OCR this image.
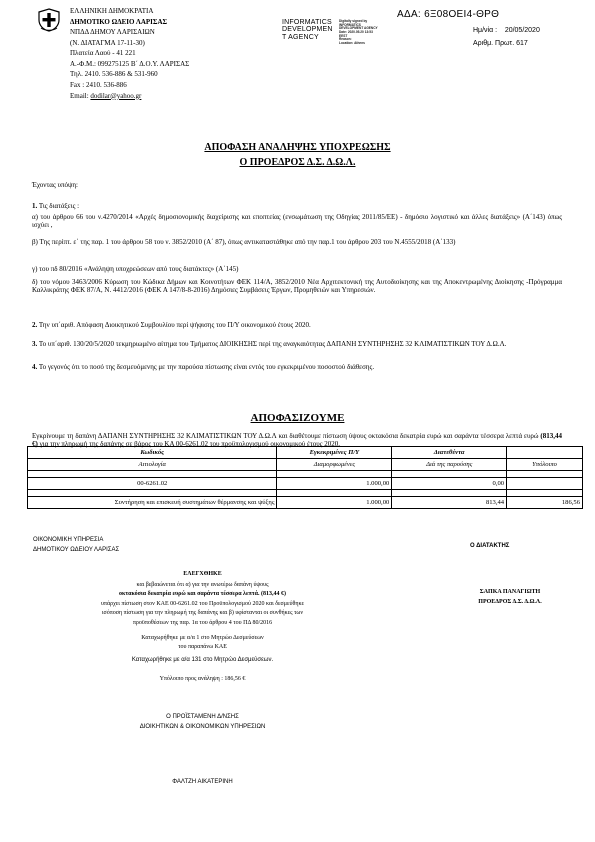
ΕΛΛΗΝΙΚΗ ΔΗΜΟΚΡΑΤΙΑ
ΔΗΜΟΤΙΚΟ ΩΔΕΙΟ ΛΑΡΙΣΑΣ
ΝΠΔΔ ΔΗΜΟΥ ΛΑΡΙΣΑΙΩΝ
(Ν. ΔΙΑΤΑΓΜΑ 17-11-30)
Πλατεία Λαού - 41 221
Α.-Φ.Μ.: 099275125 Β΄ Δ.Ο.Υ. ΛΑΡΙΣΑΣ
Τηλ. 2410. 536-886 & 531-960
Fax : 2410. 536-886
Email: dodilar@yahoo.gr
INFORMATICS
DEVELOPMEN
T AGENCY
Digitally signed by
INFORMATICS
DEVELOPMENT AGENCY
Date: 2020.05.20 13:53
EEST
Reason:
Location: Athens
ΑΔΑ: 6Ξ08ΟΕΙ4-ΘΡΘ
Ημ/νία : 20/05/2020
Αριθμ. Πρωτ. 617
ΑΠΟΦΑΣΗ ΑΝΑΛΗΨΗΣ ΥΠΟΧΡΕΩΣΗΣ
Ο ΠΡΟΕΔΡΟΣ Δ.Σ. Δ.Ω.Λ.
Έχοντας υπόψη:
1. Τις διατάξεις :
α) του άρθρου 66 του ν.4270/2014 «Αρχές δημοσιονομικής διαχείρισης και εποπτείας (ενσωμάτωση της Οδηγίας 2011/85/ΕΕ) - δημόσιο λογιστικό και άλλες διατάξεις» (Α΄143) όπως ισχύει ,
β) Της περίπτ. ε΄ της παρ. 1 του άρθρου 58 του ν. 3852/2010 (Α΄ 87), όπως αντικαταστάθηκε από την παρ.1 του άρθρου 203 του Ν.4555/2018 (Α΄133)
γ) του πδ 80/2016 «Ανάληψη υποχρεώσεων από τους διατάκτες» (Α΄145)
δ) του νόμου 3463/2006 Κύρωση του Κώδικα Δήμων και Κοινοτήτων ΦΕΚ 114/Α, 3852/2010 Νέα Αρχιτεκτονική της Αυτοδιοίκησης και της Αποκεντρωμένης Διοίκησης -Πρόγραμμα Καλλικράτης ΦΕΚ 87/Α, Ν. 4412/2016 (ΦΕΚ Α 147/8-8-2016) Δημόσιες Συμβάσεις Έργων, Προμηθειών και Υπηρεσιών.
2. Την υπ΄αριθ. Απόφαση Διοικητικού Συμβουλίου περί ψήφισης του Π/Υ οικονομικού έτους 2020.
3. Το υπ΄αριθ. 130/20/5/2020 τεκμηριωμένο αίτημα του Τμήματος ΔΙΟΙΚΗΣΗΣ περί της αναγκαιότητας ΔΑΠΑΝΗ ΣΥΝΤΗΡΗΣΗΣ 32 ΚΛΙΜΑΤΙΣΤΙΚΩΝ ΤΟΥ Δ.Ω.Λ.
4. Το γεγονός ότι το ποσό της δεσμευόμενης με την παρούσα πίστωσης είναι εντός του εγκεκριμένου ποσοστού διάθεσης.
ΑΠΟΦΑΣΙΖΟΥΜΕ
Εγκρίνουμε τη δαπάνη ΔΑΠΑΝΗ ΣΥΝΤΗΡΗΣΗΣ 32 ΚΛΙΜΑΤΙΣΤΙΚΩΝ ΤΟΥ Δ.Ω.Λ και διαθέτουμε πίστωση ύψους οκτακόσια δεκατρία ευρώ και σαράντα τέσσερα λεπτά ευρώ (813,44 €) για την πληρωμή της δαπάνης σε βάρος του ΚΑ 00-6261.02 του προϋπολογισμού οικονομικού έτους 2020.
Κωδικός	Εγκεκριμένες Π/Υ	Διατεθέντα	
Αιτιολογία	Διαμορφωμένες	Διά της παρούσης	Υπόλοιπο

00-6261.02	1.000,00	0,00	

Συντήρηση και επισκευή συστημάτων θέρμανσης και ψύξης	1.000,00	813,44	186,56
ΟΙΚΟΝΟΜΙΚΗ ΥΠΗΡΕΣΙΑ
ΔΗΜΟΤΙΚΟΥ ΩΔΕΙΟΥ ΛΑΡΙΣΑΣ
Ο ΔΙΑΤΑΚΤΗΣ
ΕΛΕΓΧΘΗΚΕ
και βεβαιώνεται ότι α) για την ανωτέρω δαπάνη ύψους
οκτακόσια δεκατρία ευρώ και σαράντα τέσσερα λεπτά. (813,44 €)
υπάρχει πίστωση στον ΚΑΕ 00-6261.02 του Προϋπολογισμού 2020 και δεσμεύθηκε
ισόποση πίστωση για την πληρωμή της δαπάνης και β) υφίστανται οι συνθήκες των
προϋποθέσεων της παρ. 1α του άρθρου 4 του ΠΔ 80/2016
Καταχωρήθηκε με α/α 1 στο Μητρώο Δεσμεύσεων
του παραπάνω ΚΑΕ
Καταχωρήθηκε με α/α 131 στο Μητρώο Δεσμεύσεων.
Υπόλοιπο προς ανάληψη : 186,56 €
ΣΑΠΚΑ ΠΑΝΑΓΙΩΤΗ
ΠΡΟΕΔΡΟΣ Δ.Σ. Δ.Ω.Λ.
Ο ΠΡΟΪΣΤΑΜΕΝΗ Δ/ΝΣΗΣ
ΔΙΟΙΚΗΤΙΚΩΝ & ΟΙΚΟΝΟΜΙΚΩΝ ΥΠΗΡΕΣΙΩΝ
ΦΑΛΤΖΗ ΑΙΚΑΤΕΡΙΝΗ
